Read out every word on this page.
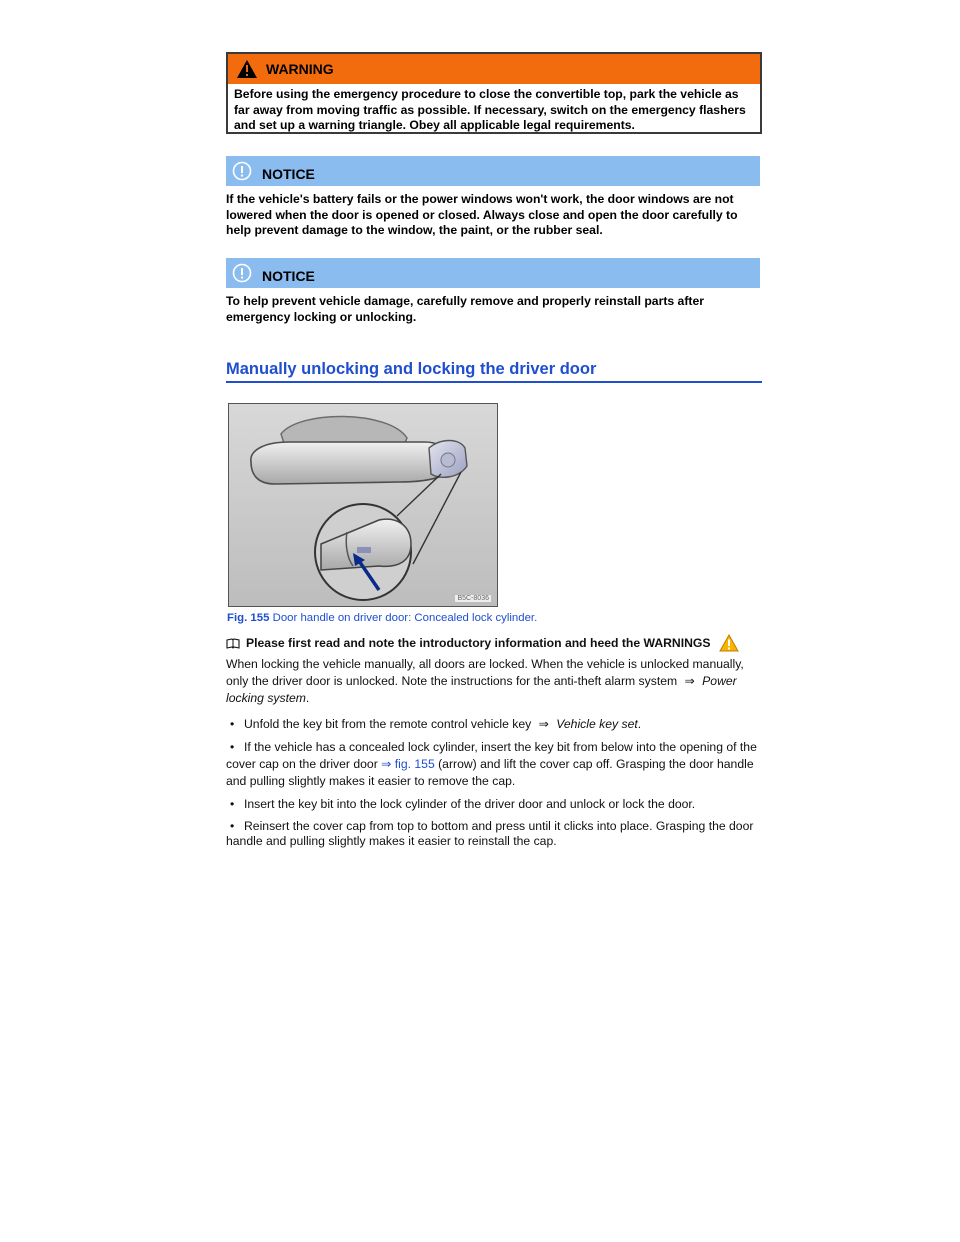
WARNING
Before using the emergency procedure to close the convertible top, park the vehicle as far away from moving traffic as possible. If necessary, switch on the emergency flashers and set up a warning triangle. Obey all applicable legal requirements.
NOTICE
If the vehicle's battery fails or the power windows won't work, the door windows are not lowered when the door is opened or closed. Always close and open the door carefully to help prevent damage to the window, the paint, or the rubber seal.
NOTICE
To help prevent vehicle damage, carefully remove and properly reinstall parts after emergency locking or unlocking.
Manually unlocking and locking the driver door
B5C-8036
Fig. 155 Door handle on driver door: Concealed lock cylinder.
Please first read and note the introductory information and heed the WARNINGS
When locking the vehicle manually, all doors are locked. When the vehicle is unlocked manually, only the driver door is unlocked. Note the instructions for the anti-theft alarm system ⇒ Power locking system.
• Unfold the key bit from the remote control vehicle key ⇒ Vehicle key set.
• If the vehicle has a concealed lock cylinder, insert the key bit from below into the opening of the cover cap on the driver door ⇒ fig. 155 (arrow) and lift the cover cap off. Grasping the door handle and pulling slightly makes it easier to remove the cap.
• Insert the key bit into the lock cylinder of the driver door and unlock or lock the door.
• Reinsert the cover cap from top to bottom and press until it clicks into place. Grasping the door handle and pulling slightly makes it easier to reinstall the cap.
